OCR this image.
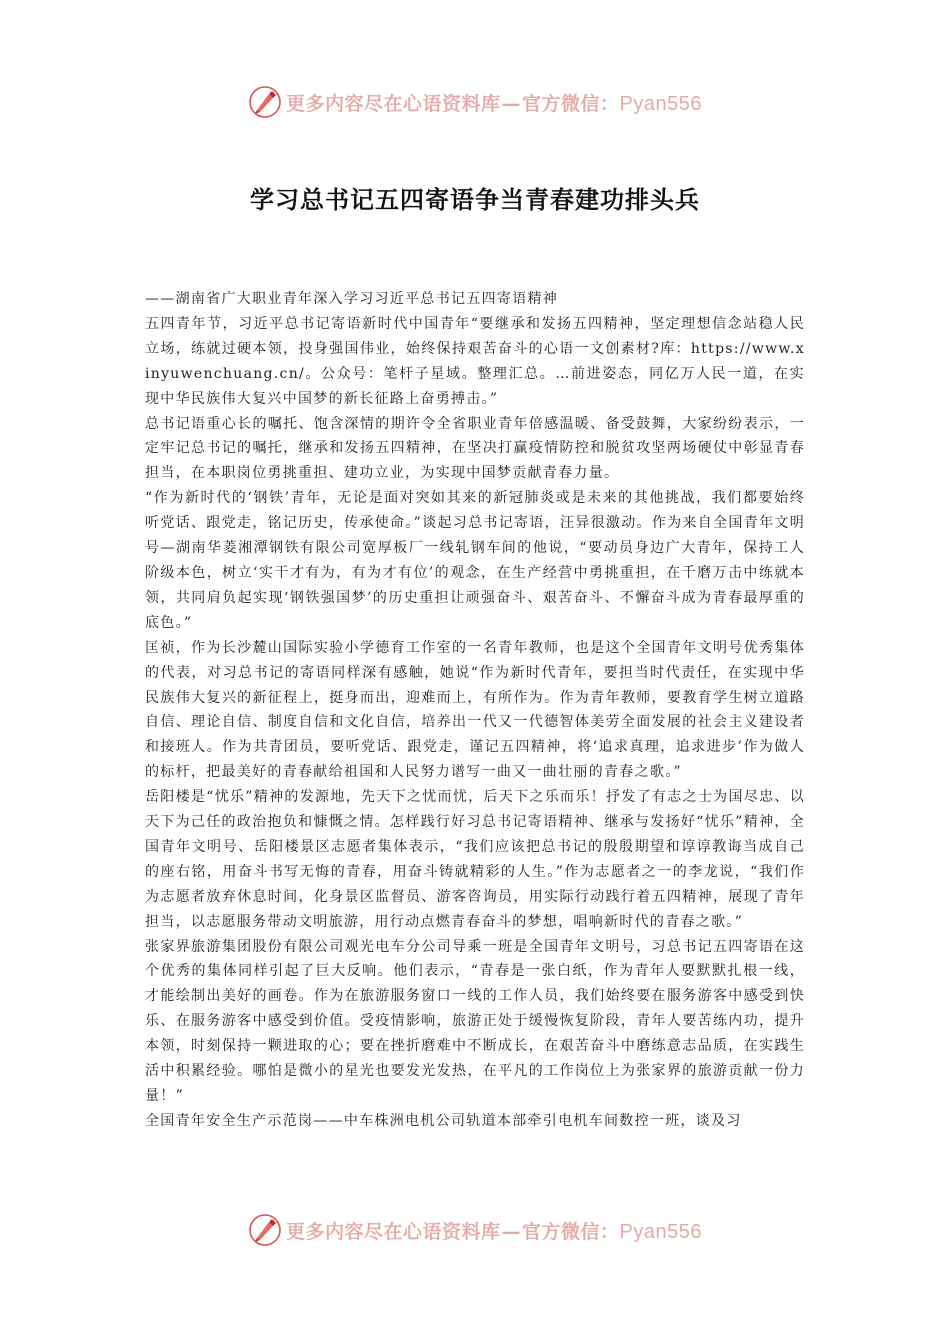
更多内容尽在心语资料库—官方微信：Pyan556
学习总书记五四寄语争当青春建功排头兵

——湖南省广大职业青年深入学习习近平总书记五四寄语精神

五四青年节，习近平总书记寄语新时代中国青年“要继承和发扬五四精神，坚定理想信念站稳人民立场，练就过硬本领，投身强国伟业，始终保持艰苦奋斗的心语一文创素材?库：https://www.xinyuwenchuang.cn/。公众号：笔杆子星域。整理汇总。…前进姿态，同亿万人民一道，在实现中华民族伟大复兴中国梦的新长征路上奋勇搏击。”

总书记语重心长的嘱托、饱含深情的期许令全省职业青年倍感温暖、备受鼓舞，大家纷纷表示，一定牢记总书记的嘱托，继承和发扬五四精神，在坚决打赢疫情防控和脱贫攻坚两场硬仗中彰显青春担当，在本职岗位勇挑重担、建功立业，为实现中国梦贡献青春力量。

“作为新时代的‘钢铁’青年，无论是面对突如其来的新冠肺炎或是未来的其他挑战，我们都要始终听党话、跟党走，铭记历史，传承使命。”谈起习总书记寄语，汪异很激动。作为来自全国青年文明号—湖南华菱湘潭钢铁有限公司宽厚板厂一线轧钢车间的他说，“要动员身边广大青年，保持工人阶级本色，树立‘实干才有为，有为才有位’的观念，在生产经营中勇挑重担，在千磨万击中练就本领，共同肩负起实现‘钢铁强国梦’的历史重担让顽强奋斗、艰苦奋斗、不懈奋斗成为青春最厚重的底色。”

匡祯，作为长沙麓山国际实验小学德育工作室的一名青年教师，也是这个全国青年文明号优秀集体的代表，对习总书记的寄语同样深有感触，她说“作为新时代青年，要担当时代责任，在实现中华民族伟大复兴的新征程上，挺身而出，迎难而上，有所作为。作为青年教师，要教育学生树立道路自信、理论自信、制度自信和文化自信，培养出一代又一代德智体美劳全面发展的社会主义建设者和接班人。作为共青团员，要听党话、跟党走，谨记五四精神，将‘追求真理，追求进步’作为做人的标杆，把最美好的青春献给祖国和人民努力谱写一曲又一曲壮丽的青春之歌。”

岳阳楼是“忧乐”精神的发源地，先天下之忧而忧，后天下之乐而乐！抒发了有志之士为国尽忠、以天下为己任的政治抱负和慷慨之情。怎样践行好习总书记寄语精神、继承与发扬好“忧乐”精神，全国青年文明号、岳阳楼景区志愿者集体表示，“我们应该把总书记的殷殷期望和谆谆教诲当成自己的座右铭，用奋斗书写无悔的青春，用奋斗铸就精彩的人生。”作为志愿者之一的李龙说，“我们作为志愿者放弃休息时间，化身景区监督员、游客咨询员，用实际行动践行着五四精神，展现了青年担当，以志愿服务带动文明旅游，用行动点燃青春奋斗的梦想，唱响新时代的青春之歌。”

张家界旅游集团股份有限公司观光电车分公司导乘一班是全国青年文明号，习总书记五四寄语在这个优秀的集体同样引起了巨大反响。他们表示，“青春是一张白纸，作为青年人要默默扎根一线，才能绘制出美好的画卷。作为在旅游服务窗口一线的工作人员，我们始终要在服务游客中感受到快乐、在服务游客中感受到价值。受疫情影响，旅游正处于缓慢恢复阶段，青年人要苦练内功，提升本领，时刻保持一颗进取的心；要在挫折磨难中不断成长，在艰苦奋斗中磨练意志品质，在实践生活中积累经验。哪怕是微小的星光也要发光发热，在平凡的工作岗位上为张家界的旅游贡献一份力量！”

全国青年安全生产示范岗——中车株洲电机公司轨道本部牵引电机车间数控一班，谈及习

更多内容尽在心语资料库—官方微信：Pyan556
